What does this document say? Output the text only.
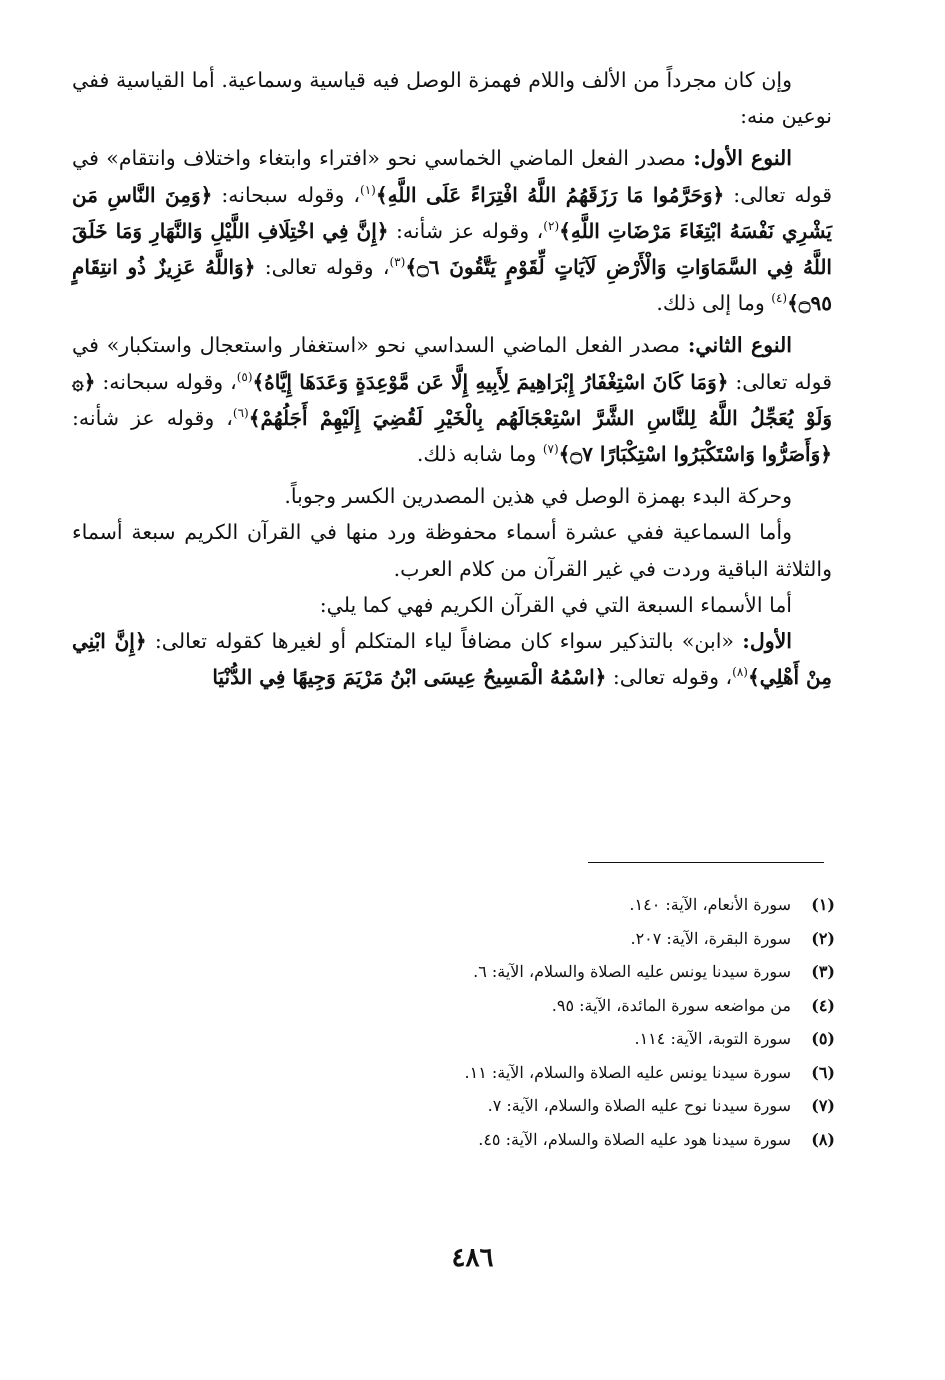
وإن كان مجرداً من الألف واللام فهمزة الوصل فيه قياسية وسماعية. أما القياسية ففي نوعين منه:

النوع الأول: مصدر الفعل الماضي الخماسي نحو «افتراء وابتغاء واختلاف وانتقام» في قوله تعالى: ﴿وَحَرَّمُوا مَا رَزَقَهُمُ اللَّهُ افْتِرَاءً عَلَى اللَّهِ﴾$^{(١)}$، وقوله سبحانه: ﴿وَمِنَ النَّاسِ مَن يَشْرِي نَفْسَهُ ابْتِغَاءَ مَرْضَاتِ اللَّهِ﴾$^{(٢)}$، وقوله عز شأنه: ﴿إِنَّ فِي اخْتِلَافِ اللَّيْلِ وَالنَّهَارِ وَمَا خَلَقَ اللَّهُ فِي السَّمَاوَاتِ وَالْأَرْضِ لَآيَاتٍ لِّقَوْمٍ يَتَّقُونَ ۝٦﴾$^{(٣)}$، وقوله تعالى: ﴿وَاللَّهُ عَزِيزٌ ذُو انتِقَامٍ ۝٩٥﴾$^{(٤)}$ وما إلى ذلك.

النوع الثاني: مصدر الفعل الماضي السداسي نحو «استغفار واستعجال واستكبار» في قوله تعالى: ﴿وَمَا كَانَ اسْتِغْفَارُ إِبْرَاهِيمَ لِأَبِيهِ إِلَّا عَن مَّوْعِدَةٍ وَعَدَهَا إِيَّاهُ﴾$^{(٥)}$، وقوله سبحانه: ﴿۞ وَلَوْ يُعَجِّلُ اللَّهُ لِلنَّاسِ الشَّرَّ اسْتِعْجَالَهُم بِالْخَيْرِ لَقُضِيَ إِلَيْهِمْ أَجَلُهُمْ﴾$^{(٦)}$، وقوله عز شأنه: ﴿وَأَصَرُّوا وَاسْتَكْبَرُوا اسْتِكْبَارًا ۝٧﴾$^{(٧)}$ وما شابه ذلك.

وحركة البدء بهمزة الوصل في هذين المصدرين الكسر وجوباً.

وأما السماعية ففي عشرة أسماء محفوظة ورد منها في القرآن الكريم سبعة أسماء والثلاثة الباقية وردت في غير القرآن من كلام العرب.

أما الأسماء السبعة التي في القرآن الكريم فهي كما يلي:

الأول: «ابن» بالتذكير سواء كان مضافاً لياء المتكلم أو لغيرها كقوله تعالى: ﴿إِنَّ ابْنِي مِنْ أَهْلِي﴾$^{(٨)}$، وقوله تعالى: ﴿اسْمُهُ الْمَسِيحُ عِيسَى ابْنُ مَرْيَمَ وَجِيهًا فِي الدُّنْيَا

(١)سورة الأنعام، الآية: ١٤٠.
(٢)سورة البقرة، الآية: ٢٠٧.
(٣)سورة سيدنا يونس عليه الصلاة والسلام، الآية: ٦.
(٤)من مواضعه سورة المائدة، الآية: ٩٥.
(٥)سورة التوبة، الآية: ١١٤.
(٦)سورة سيدنا يونس عليه الصلاة والسلام، الآية: ١١.
(٧)سورة سيدنا نوح عليه الصلاة والسلام، الآية: ٧.
(٨)سورة سيدنا هود عليه الصلاة والسلام، الآية: ٤٥.
٤٨٦
